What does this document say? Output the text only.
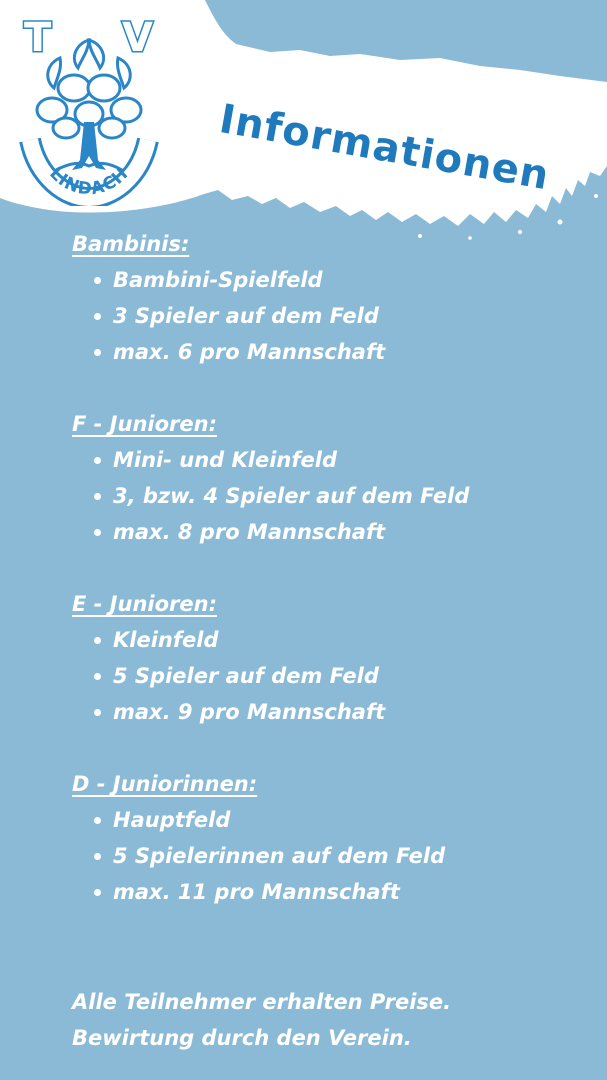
LINDACH
T V
Informationen

Bambinis:

Bambini-Spielfeld
3 Spieler auf dem Feld
max. 6 pro Mannschaft

F - Junioren:

Mini- und Kleinfeld
3, bzw. 4 Spieler auf dem Feld
max. 8 pro Mannschaft

E - Junioren:

Kleinfeld
5 Spieler auf dem Feld
max. 9 pro Mannschaft

D - Juniorinnen:

Hauptfeld
5 Spielerinnen auf dem Feld
max. 11 pro Mannschaft

Alle Teilnehmer erhalten Preise.

Bewirtung durch den Verein.
